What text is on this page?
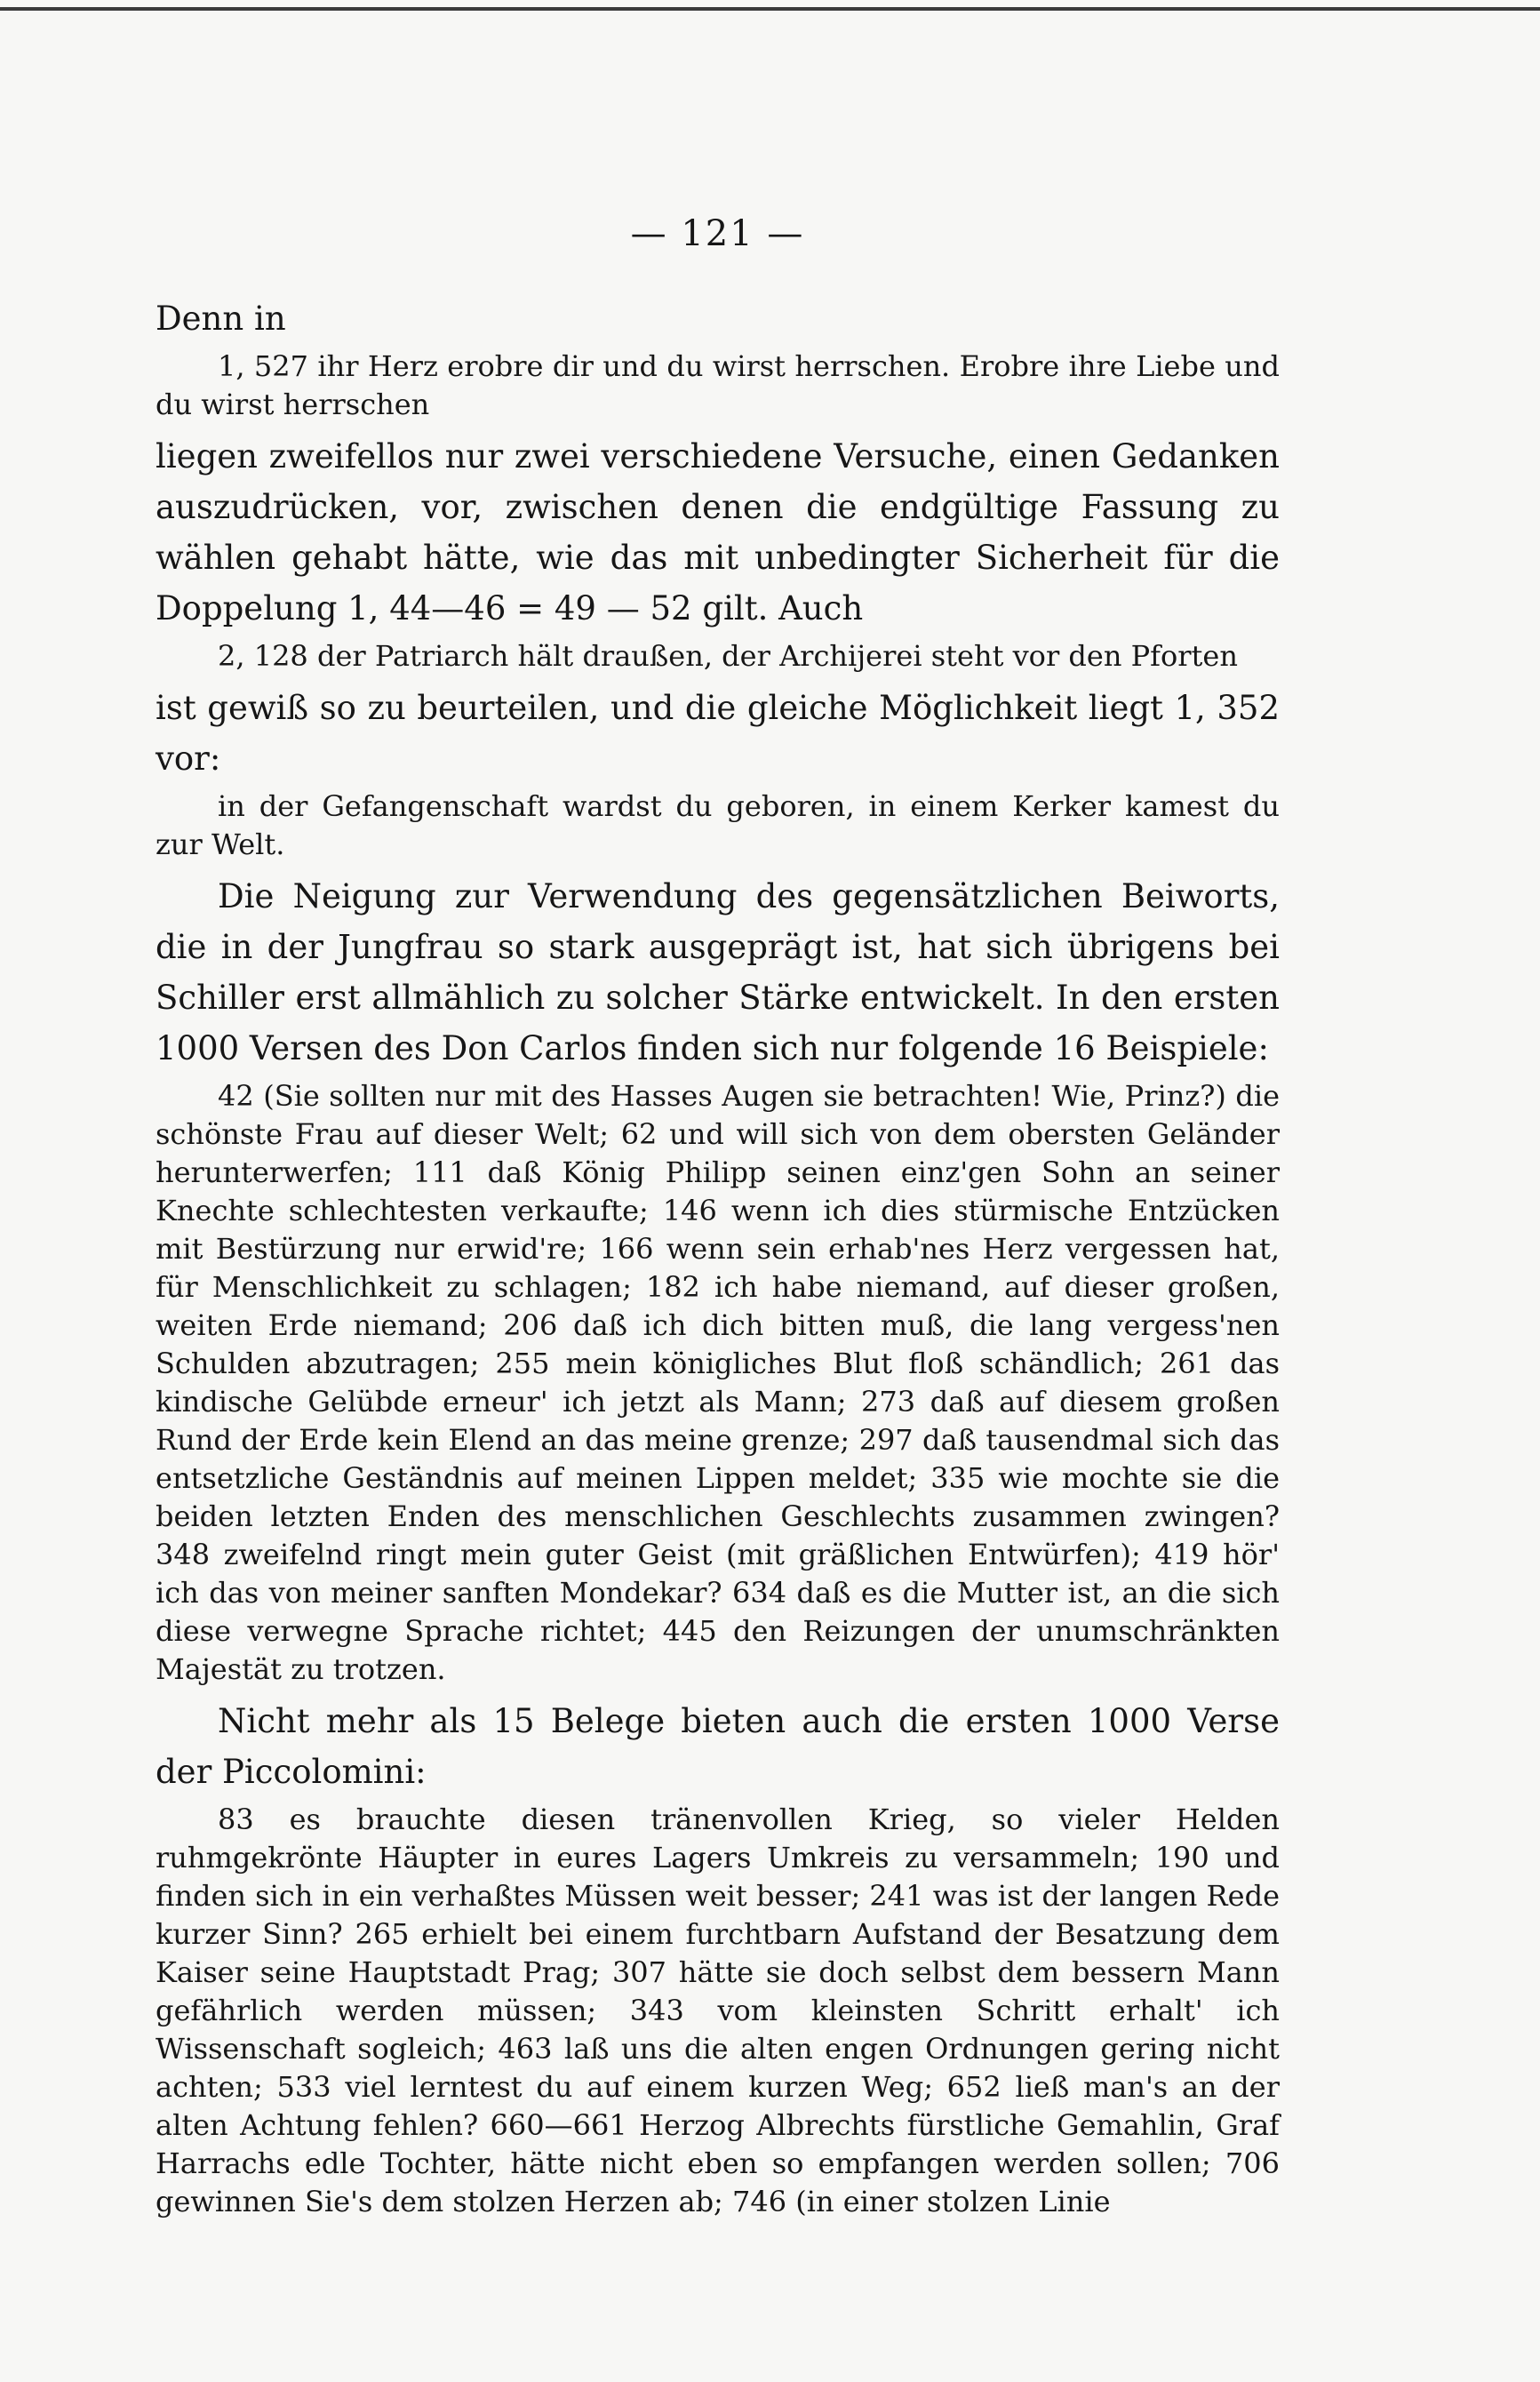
— 121 —

Denn in

1, 527 ihr Herz erobre dir und du wirst herrschen. Erobre ihre Liebe und du wirst herrschen

liegen zweifellos nur zwei verschiedene Versuche, einen Gedanken auszudrücken, vor, zwischen denen die endgültige Fassung zu wählen gehabt hätte, wie das mit unbedingter Sicherheit für die Doppelung 1, 44—46 = 49 — 52 gilt. Auch

2, 128 der Patriarch hält draußen, der Archijerei steht vor den Pforten

ist gewiß so zu beurteilen, und die gleiche Möglichkeit liegt 1, 352 vor:

in der Gefangenschaft wardst du geboren, in einem Kerker kamest du zur Welt.

Die Neigung zur Verwendung des gegensätzlichen Beiworts, die in der Jungfrau so stark ausgeprägt ist, hat sich übrigens bei Schiller erst allmählich zu solcher Stärke entwickelt. In den ersten 1000 Versen des Don Carlos finden sich nur folgende 16 Beispiele:

42 (Sie sollten nur mit des Hasses Augen sie betrachten! Wie, Prinz?) die schönste Frau auf dieser Welt; 62 und will sich von dem obersten Geländer herunterwerfen; 111 daß König Philipp seinen einz'gen Sohn an seiner Knechte schlechtesten verkaufte; 146 wenn ich dies stürmische Entzücken mit Bestürzung nur erwid're; 166 wenn sein erhab'nes Herz vergessen hat, für Menschlichkeit zu schlagen; 182 ich habe niemand, auf dieser großen, weiten Erde niemand; 206 daß ich dich bitten muß, die lang vergess'nen Schulden abzutragen; 255 mein königliches Blut floß schändlich; 261 das kindische Gelübde erneur' ich jetzt als Mann; 273 daß auf diesem großen Rund der Erde kein Elend an das meine grenze; 297 daß tausendmal sich das entsetzliche Geständnis auf meinen Lippen meldet; 335 wie mochte sie die beiden letzten Enden des menschlichen Geschlechts zusammen zwingen? 348 zweifelnd ringt mein guter Geist (mit gräßlichen Entwürfen); 419 hör' ich das von meiner sanften Mondekar? 634 daß es die Mutter ist, an die sich diese verwegne Sprache richtet; 445 den Reizungen der unumschränkten Majestät zu trotzen.

Nicht mehr als 15 Belege bieten auch die ersten 1000 Verse der Piccolomini:

83 es brauchte diesen tränenvollen Krieg, so vieler Helden ruhmgekrönte Häupter in eures Lagers Umkreis zu versammeln; 190 und finden sich in ein verhaßtes Müssen weit besser; 241 was ist der langen Rede kurzer Sinn? 265 erhielt bei einem furchtbarn Aufstand der Besatzung dem Kaiser seine Hauptstadt Prag; 307 hätte sie doch selbst dem bessern Mann gefährlich werden müssen; 343 vom kleinsten Schritt erhalt' ich Wissenschaft sogleich; 463 laß uns die alten engen Ordnungen gering nicht achten; 533 viel lerntest du auf einem kurzen Weg; 652 ließ man's an der alten Achtung fehlen? 660—661 Herzog Albrechts fürstliche Gemahlin, Graf Harrachs edle Tochter, hätte nicht eben so empfangen werden sollen; 706 gewinnen Sie's dem stolzen Herzen ab; 746 (in einer stolzen Linie
